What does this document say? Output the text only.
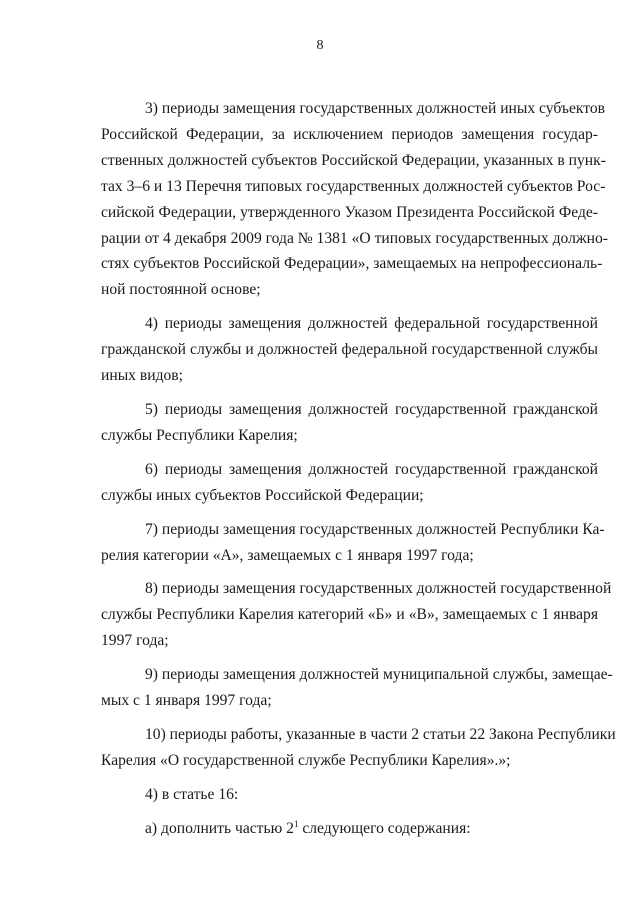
8
3) периоды замещения государственных должностей иных субъектов
Российской Федерации, за исключением периодов замещения государ-
ственных должностей субъектов Российской Федерации, указанных в пунк-
тах 3–6 и 13 Перечня типовых государственных должностей субъектов Рос-
сийской Федерации, утвержденного Указом Президента Российской Феде-
рации от 4 декабря 2009 года № 1381 «О типовых государственных должно-
стях субъектов Российской Федерации», замещаемых на непрофессиональ-
ной постоянной основе;
4) периоды замещения должностей федеральной государственной
гражданской службы и должностей федеральной государственной службы
иных видов;
5) периоды замещения должностей государственной гражданской
службы Республики Карелия;
6) периоды замещения должностей государственной гражданской
службы иных субъектов Российской Федерации;
7) периоды замещения государственных должностей Республики Ка-
релия категории «А», замещаемых с 1 января 1997 года;
8) периоды замещения государственных должностей государственной
службы Республики Карелия категорий «Б» и «В», замещаемых с 1 января
1997 года;
9) периоды замещения должностей муниципальной службы, замещае-
мых с 1 января 1997 года;
10) периоды работы, указанные в части 2 статьи 22 Закона Республики
Карелия «О государственной службе Республики Карелия».»;
4) в статье 16:
а) дополнить частью $2^1$ следующего содержания:
